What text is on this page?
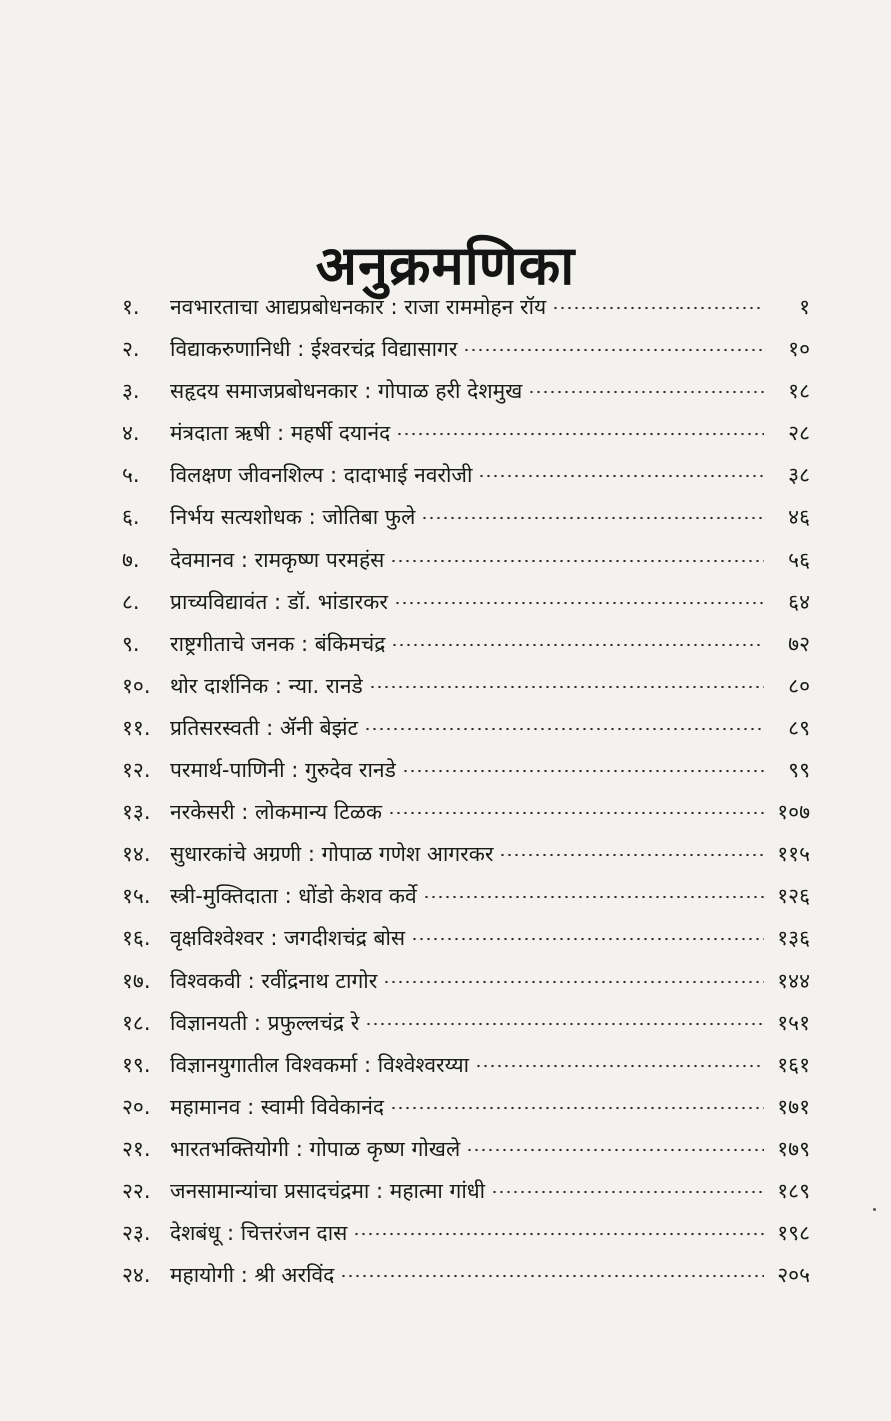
अनुक्रमणिका
१.	नवभारताचा आद्यप्रबोधनकार : राजा राममोहन रॉय	१
२.	विद्याकरुणानिधी : ईश्वरचंद्र विद्यासागर	१०
३.	सहृदय समाजप्रबोधनकार : गोपाळ हरी देशमुख	१८
४.	मंत्रदाता ऋषी : महर्षी दयानंद	२८
५.	विलक्षण जीवनशिल्प : दादाभाई नवरोजी	३८
६.	निर्भय सत्यशोधक : जोतिबा फुले	४६
७.	देवमानव : रामकृष्ण परमहंस	५६
८.	प्राच्यविद्यावंत : डॉ. भांडारकर	६४
९.	राष्ट्रगीताचे जनक : बंकिमचंद्र	७२
१०. थोर दार्शनिक : न्या. रानडे	८०
११. प्रतिसरस्वती : ॲनी बेझंट	८९
१२. परमार्थ-पाणिनी : गुरुदेव रानडे	९९
१३. नरकेसरी : लोकमान्य टिळक	१०७
१४. सुधारकांचे अग्रणी : गोपाळ गणेश आगरकर	११५
१५. स्त्री-मुक्तिदाता : धोंडो केशव कर्वे	१२६
१६. वृक्षविश्वेश्वर : जगदीशचंद्र बोस	१३६
१७. विश्वकवी : रवींद्रनाथ टागोर	१४४
१८. विज्ञानयती : प्रफुल्लचंद्र रे	१५१
१९. विज्ञानयुगातील विश्वकर्मा : विश्वेश्वरय्या	१६१
२०. महामानव : स्वामी विवेकानंद	१७१
२१. भारतभक्तियोगी : गोपाळ कृष्ण गोखले	१७९
२२. जनसामान्यांचा प्रसादचंद्रमा : महात्मा गांधी	१८९
२३. देशबंधू : चित्तरंजन दास	१९८
२४. महायोगी : श्री अरविंद	२०५
